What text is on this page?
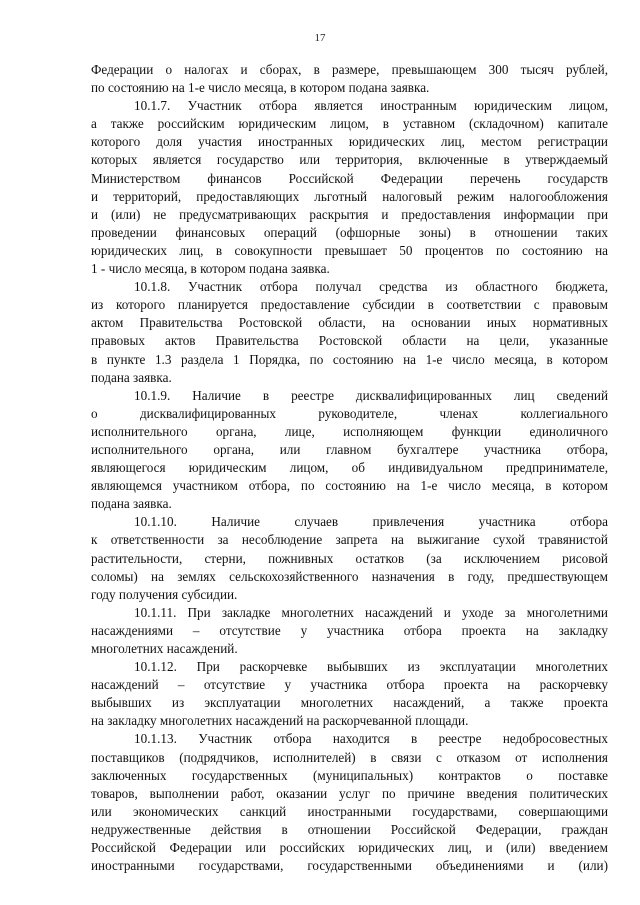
17
Федерации о налогах и сборах, в размере, превышающем 300 тысяч рублей,
по состоянию на 1-е число месяца, в котором подана заявка.
10.1.7. Участник отбора является иностранным юридическим лицом,
а также российским юридическим лицом, в уставном (складочном) капитале
которого доля участия иностранных юридических лиц, местом регистрации
которых является государство или территория, включенные в утверждаемый
Министерством финансов Российской Федерации перечень государств
и территорий, предоставляющих льготный налоговый режим налогообложения
и (или) не предусматривающих раскрытия и предоставления информации при
проведении финансовых операций (офшорные зоны) в отношении таких
юридических лиц, в совокупности превышает 50 процентов по состоянию на
1 - число месяца, в котором подана заявка.
10.1.8. Участник отбора получал средства из областного бюджета,
из которого планируется предоставление субсидии в соответствии с правовым
актом Правительства Ростовской области, на основании иных нормативных
правовых актов Правительства Ростовской области на цели, указанные
в пункте 1.3 раздела 1 Порядка, по состоянию на 1-е число месяца, в котором
подана заявка.
10.1.9. Наличие в реестре дисквалифицированных лиц сведений
о дисквалифицированных руководителе, членах коллегиального
исполнительного органа, лице, исполняющем функции единоличного
исполнительного органа, или главном бухгалтере участника отбора,
являющегося юридическим лицом, об индивидуальном предпринимателе,
являющемся участником отбора, по состоянию на 1-е число месяца, в котором
подана заявка.
10.1.10. Наличие случаев привлечения участника отбора
к ответственности за несоблюдение запрета на выжигание сухой травянистой
растительности, стерни, пожнивных остатков (за исключением рисовой
соломы) на землях сельскохозяйственного назначения в году, предшествующем
году получения субсидии.
10.1.11. При закладке многолетних насаждений и уходе за многолетними
насаждениями – отсутствие у участника отбора проекта на закладку
многолетних насаждений.
10.1.12. При раскорчевке выбывших из эксплуатации многолетних
насаждений – отсутствие у участника отбора проекта на раскорчевку
выбывших из эксплуатации многолетних насаждений, а также проекта
на закладку многолетних насаждений на раскорчеванной площади.
10.1.13. Участник отбора находится в реестре недобросовестных
поставщиков (подрядчиков, исполнителей) в связи с отказом от исполнения
заключенных государственных (муниципальных) контрактов о поставке
товаров, выполнении работ, оказании услуг по причине введения политических
или экономических санкций иностранными государствами, совершающими
недружественные действия в отношении Российской Федерации, граждан
Российской Федерации или российских юридических лиц, и (или) введением
иностранными государствами, государственными объединениями и (или)
